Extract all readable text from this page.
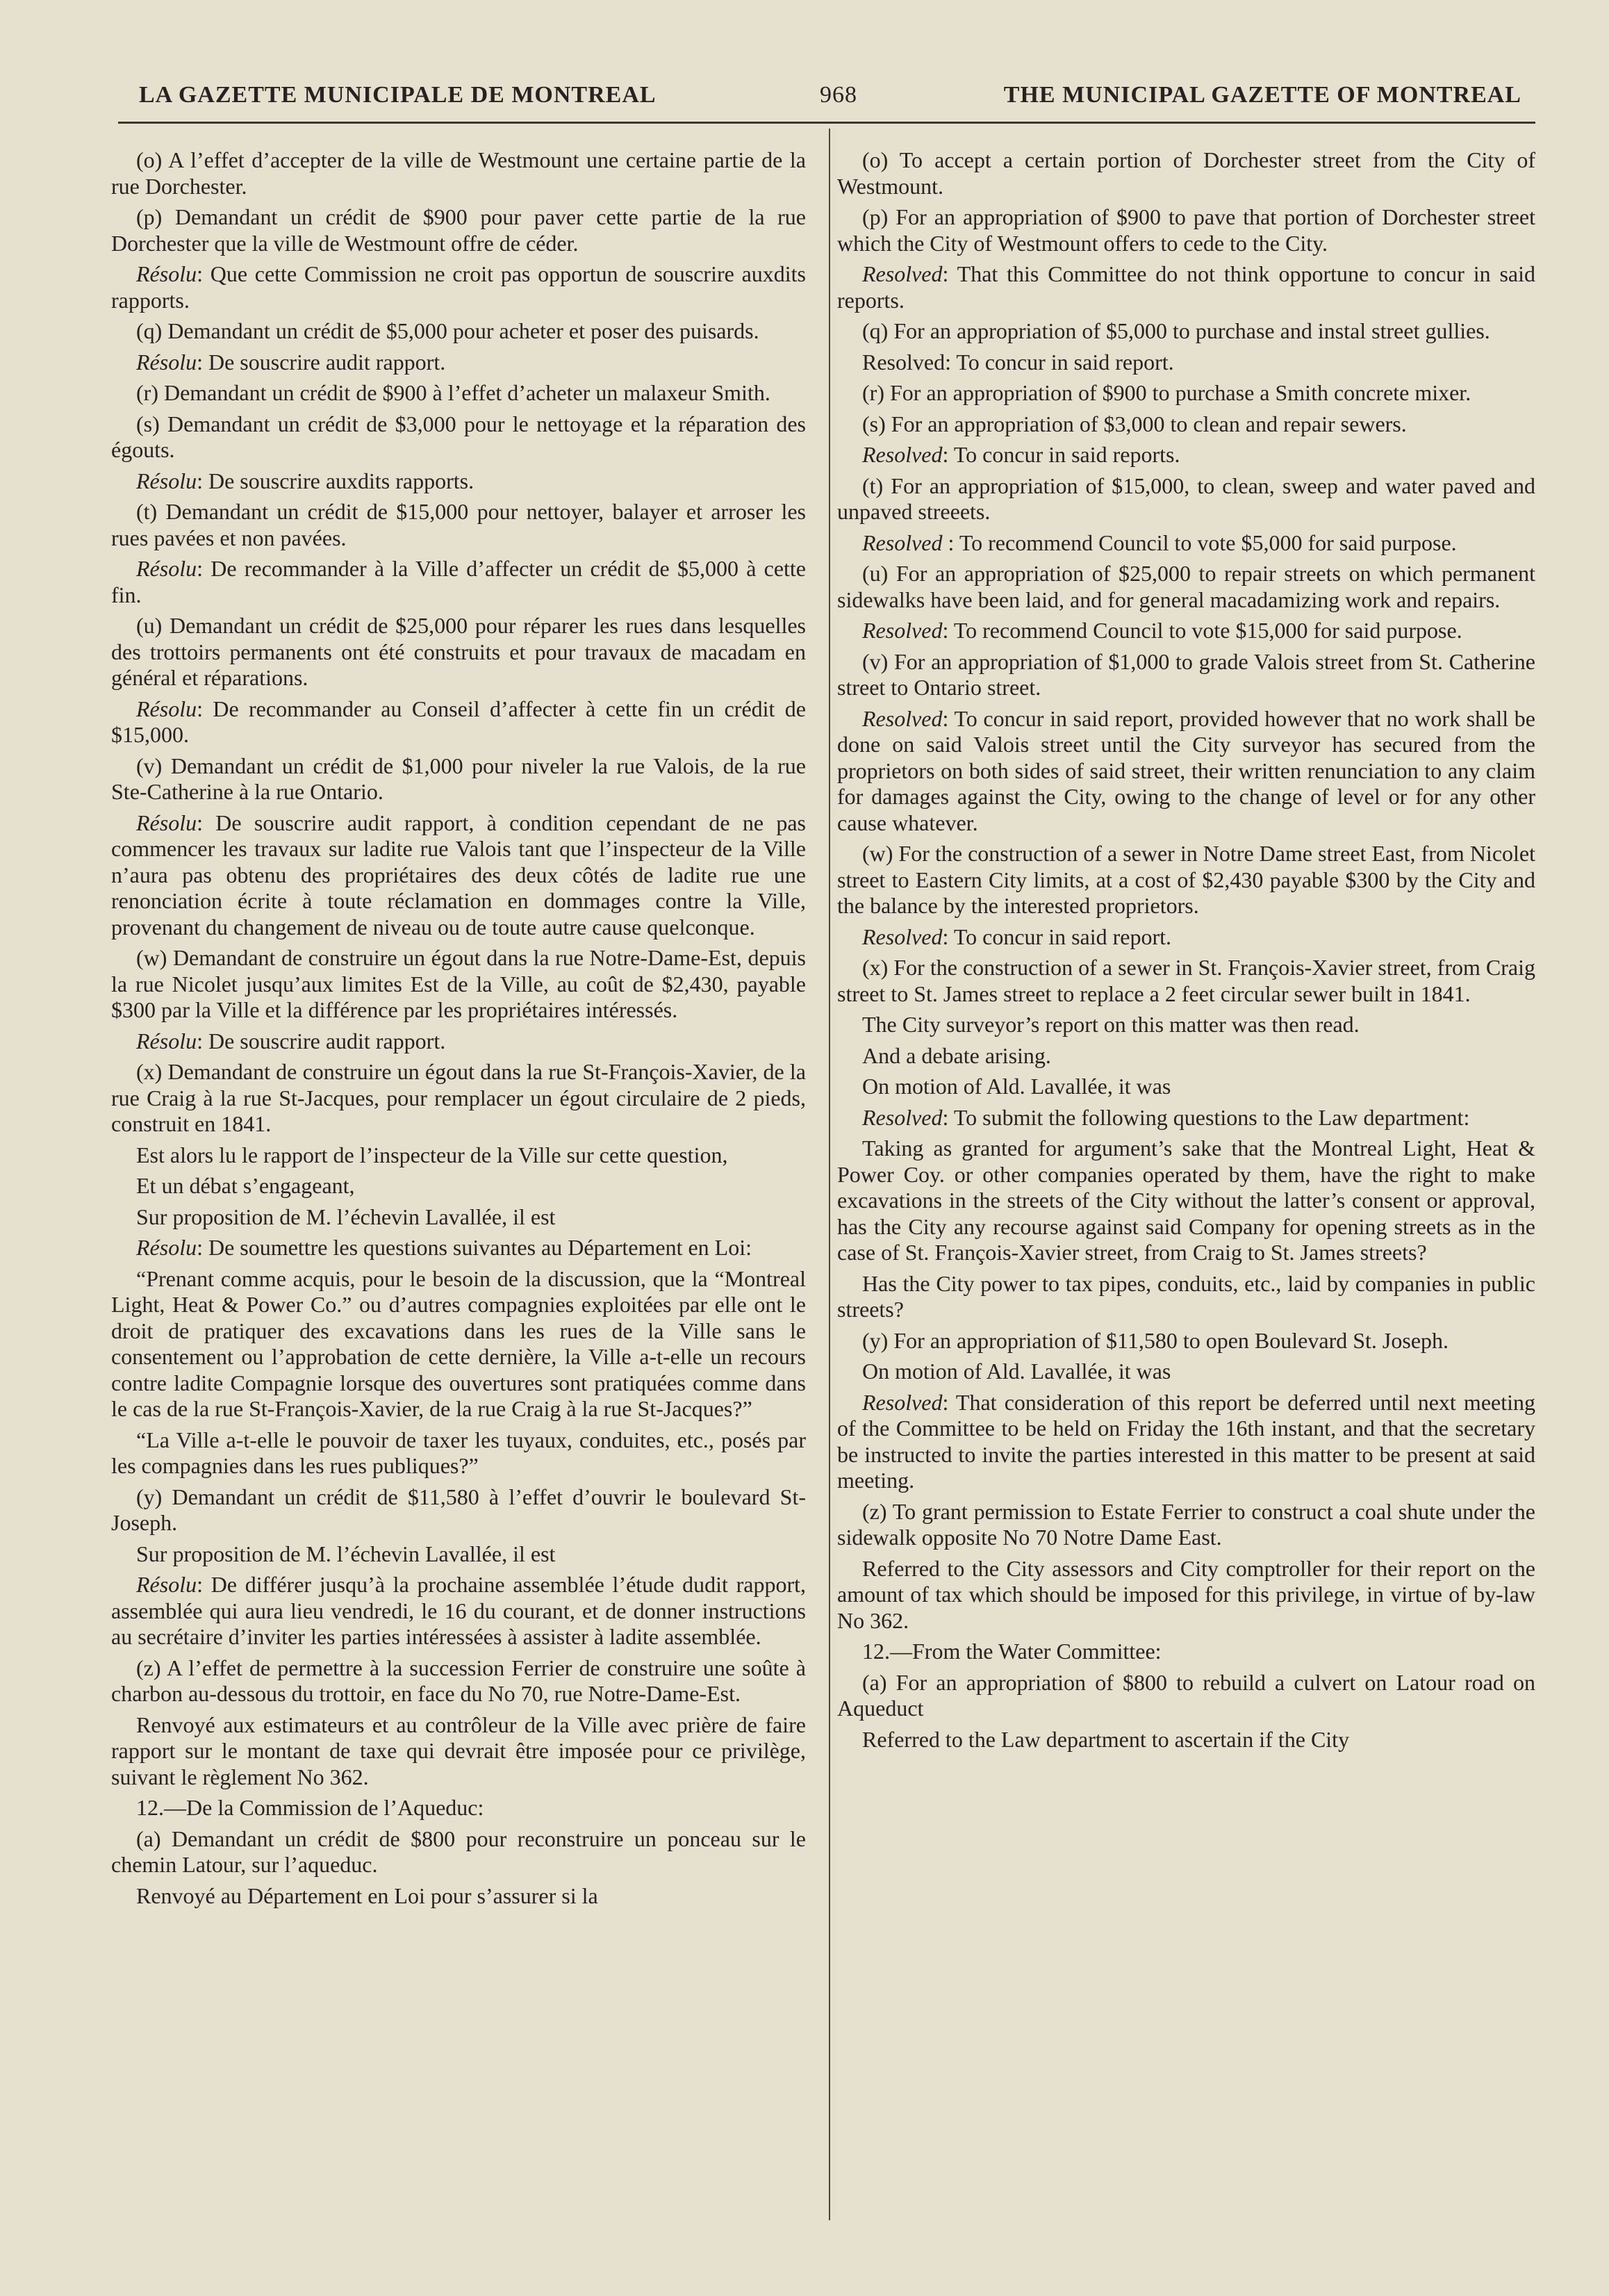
LA GAZETTE MUNICIPALE DE MONTREAL	968	THE MUNICIPAL GAZETTE OF MONTREAL

(o) A l’effet d’accepter de la ville de Westmount une certaine partie de la rue Dorchester.

(p) Demandant un crédit de $900 pour paver cette partie de la rue Dorchester que la ville de Westmount offre de céder.

Résolu: Que cette Commission ne croit pas opportun de souscrire auxdits rapports.

(q) Demandant un crédit de $5,000 pour acheter et poser des puisards.

Résolu: De souscrire audit rapport.

(r) Demandant un crédit de $900 à l’effet d’acheter un malaxeur Smith.

(s) Demandant un crédit de $3,000 pour le nettoyage et la réparation des égouts.

Résolu: De souscrire auxdits rapports.

(t) Demandant un crédit de $15,000 pour nettoyer, balayer et arroser les rues pavées et non pavées.

Résolu: De recommander à la Ville d’affecter un crédit de $5,000 à cette fin.

(u) Demandant un crédit de $25,000 pour réparer les rues dans lesquelles des trottoirs permanents ont été construits et pour travaux de macadam en général et réparations.

Résolu: De recommander au Conseil d’affecter à cette fin un crédit de $15,000.

(v) Demandant un crédit de $1,000 pour niveler la rue Valois, de la rue Ste-Catherine à la rue Ontario.

Résolu: De souscrire audit rapport, à condition cependant de ne pas commencer les travaux sur ladite rue Valois tant que l’inspecteur de la Ville n’aura pas obtenu des propriétaires des deux côtés de ladite rue une renonciation écrite à toute réclamation en dommages contre la Ville, provenant du changement de niveau ou de toute autre cause quelconque.

(w) Demandant de construire un égout dans la rue Notre-Dame-Est, depuis la rue Nicolet jusqu’aux limites Est de la Ville, au coût de $2,430, payable $300 par la Ville et la différence par les propriétaires intéressés.

Résolu: De souscrire audit rapport.

(x) Demandant de construire un égout dans la rue St-François-Xavier, de la rue Craig à la rue St-Jacques, pour remplacer un égout circulaire de 2 pieds, construit en 1841.

Est alors lu le rapport de l’inspecteur de la Ville sur cette question,

Et un débat s’engageant,

Sur proposition de M. l’échevin Lavallée, il est

Résolu: De soumettre les questions suivantes au Département en Loi:

“Prenant comme acquis, pour le besoin de la discussion, que la “Montreal Light, Heat & Power Co.” ou d’autres compagnies exploitées par elle ont le droit de pratiquer des excavations dans les rues de la Ville sans le consentement ou l’approbation de cette dernière, la Ville a-t-elle un recours contre ladite Compagnie lorsque des ouvertures sont pratiquées comme dans le cas de la rue St-François-Xavier, de la rue Craig à la rue St-Jacques?”

“La Ville a-t-elle le pouvoir de taxer les tuyaux, conduites, etc., posés par les compagnies dans les rues publiques?”

(y) Demandant un crédit de $11,580 à l’effet d’ouvrir le boulevard St-Joseph.

Sur proposition de M. l’échevin Lavallée, il est

Résolu: De différer jusqu’à la prochaine assemblée l’étude dudit rapport, assemblée qui aura lieu vendredi, le 16 du courant, et de donner instructions au secrétaire d’inviter les parties intéressées à assister à ladite assemblée.

(z) A l’effet de permettre à la succession Ferrier de construire une soûte à charbon au-dessous du trottoir, en face du No 70, rue Notre-Dame-Est.

Renvoyé aux estimateurs et au contrôleur de la Ville avec prière de faire rapport sur le montant de taxe qui devrait être imposée pour ce privilège, suivant le règlement No 362.

12.—De la Commission de l’Aqueduc:

(a) Demandant un crédit de $800 pour reconstruire un ponceau sur le chemin Latour, sur l’aqueduc.

Renvoyé au Département en Loi pour s’assurer si la

(o) To accept a certain portion of Dorchester street from the City of Westmount.

(p) For an appropriation of $900 to pave that portion of Dorchester street which the City of Westmount offers to cede to the City.

Resolved: That this Committee do not think opportune to concur in said reports.

(q) For an appropriation of $5,000 to purchase and instal street gullies.

Resolved: To concur in said report.

(r) For an appropriation of $900 to purchase a Smith concrete mixer.

(s) For an appropriation of $3,000 to clean and repair sewers.

Resolved: To concur in said reports.

(t) For an appropriation of $15,000, to clean, sweep and water paved and unpaved streeets.

Resolved : To recommend Council to vote $5,000 for said purpose.

(u) For an appropriation of $25,000 to repair streets on which permanent sidewalks have been laid, and for general macadamizing work and repairs.

Resolved: To recommend Council to vote $15,000 for said purpose.

(v) For an appropriation of $1,000 to grade Valois street from St. Catherine street to Ontario street.

Resolved: To concur in said report, provided however that no work shall be done on said Valois street until the City surveyor has secured from the proprietors on both sides of said street, their written renunciation to any claim for damages against the City, owing to the change of level or for any other cause whatever.

(w) For the construction of a sewer in Notre Dame street East, from Nicolet street to Eastern City limits, at a cost of $2,430 payable $300 by the City and the balance by the interested proprietors.

Resolved: To concur in said report.

(x) For the construction of a sewer in St. François-Xavier street, from Craig street to St. James street to replace a 2 feet circular sewer built in 1841.

The City surveyor’s report on this matter was then read.

And a debate arising.

On motion of Ald. Lavallée, it was

Resolved: To submit the following questions to the Law department:

Taking as granted for argument’s sake that the Montreal Light, Heat & Power Coy. or other companies operated by them, have the right to make excavations in the streets of the City without the latter’s consent or approval, has the City any recourse against said Company for opening streets as in the case of St. François-Xavier street, from Craig to St. James streets?

Has the City power to tax pipes, conduits, etc., laid by companies in public streets?

(y) For an appropriation of $11,580 to open Boulevard St. Joseph.

On motion of Ald. Lavallée, it was

Resolved: That consideration of this report be deferred until next meeting of the Committee to be held on Friday the 16th instant, and that the secretary be instructed to invite the parties interested in this matter to be present at said meeting.

(z) To grant permission to Estate Ferrier to construct a coal shute under the sidewalk opposite No 70 Notre Dame East.

Referred to the City assessors and City comptroller for their report on the amount of tax which should be imposed for this privilege, in virtue of by-law No 362.

12.—From the Water Committee:

(a) For an appropriation of $800 to rebuild a culvert on Latour road on Aqueduct

Referred to the Law department to ascertain if the City
